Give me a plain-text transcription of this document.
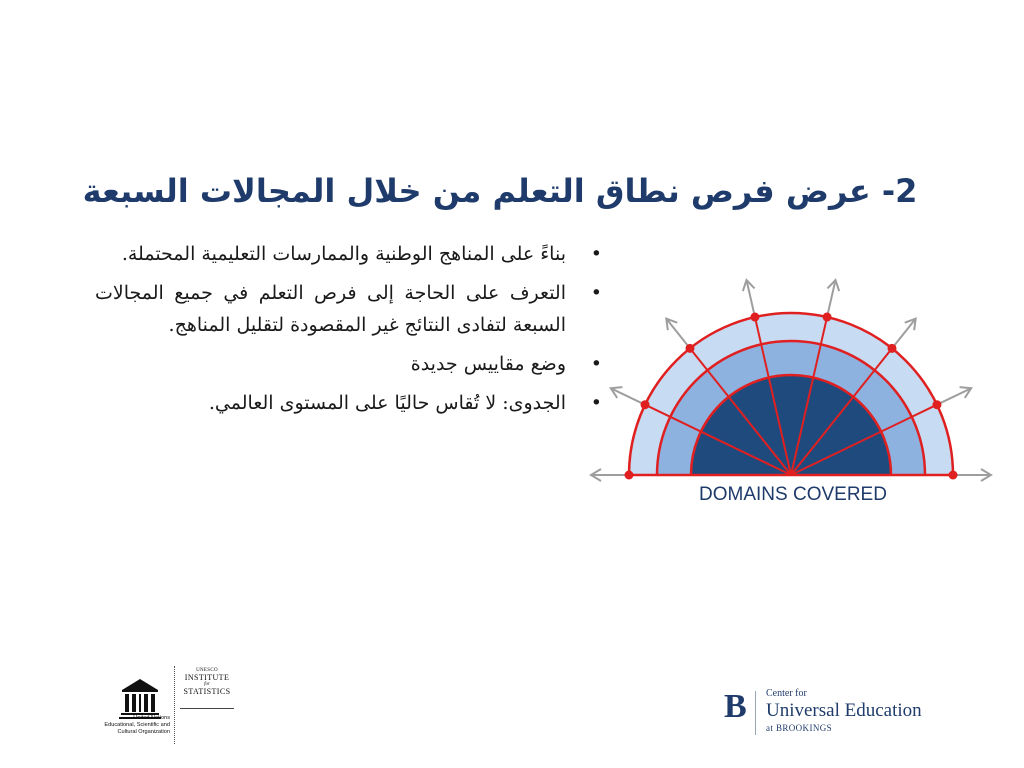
2- عرض فرص نطاق التعلم من خلال المجالات السبعة
•
بناءً على المناهج الوطنية والممارسات التعليمية المحتملة.
•
التعرف على الحاجة إلى فرص التعلم في جميع المجالات السبعة لتفادى النتائج غير المقصودة لتقليل المناهج.
•
وضع مقاييس جديدة
•
الجدوى: لا تُقاس حاليًا على المستوى العالمي.
DOMAINS COVERED
United Nations
Educational, Scientific and
Cultural Organization
UNESCO
INSTITUTE
for
STATISTICS	B Center for
Universal Education
at BROOKINGS
